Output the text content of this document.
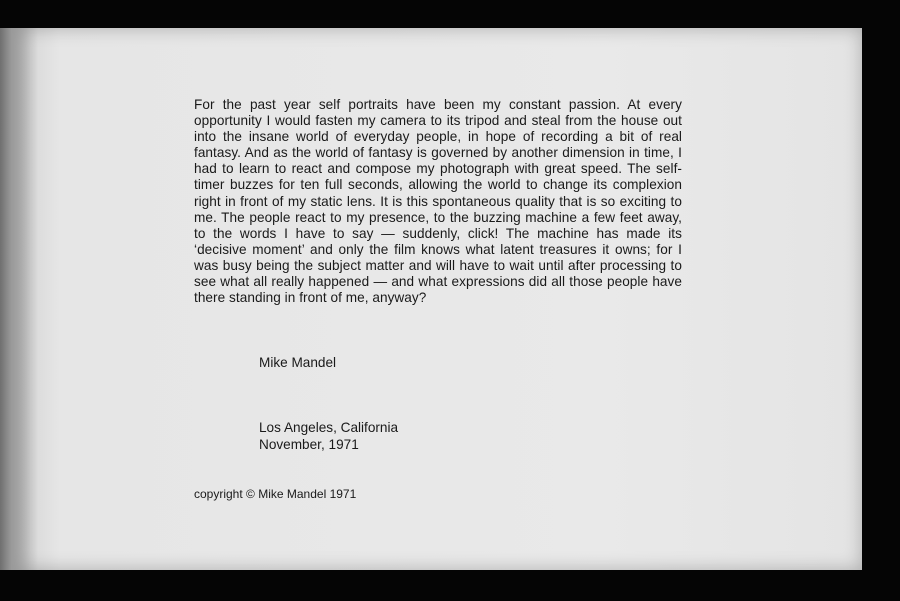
For the past year self portraits have been my constant passion. At every opportunity I would fasten my camera to its tripod and steal from the house out into the insane world of everyday people, in hope of recording a bit of real fantasy. And as the world of fantasy is governed by another dimension in time, I had to learn to react and compose my photograph with great speed. The self-timer buzzes for ten full seconds, allowing the world to change its complexion right in front of my static lens. It is this spontaneous quality that is so exciting to me. The people react to my presence, to the buzzing machine a few feet away, to the words I have to say — suddenly, click! The machine has made its ‘decisive moment’ and only the film knows what latent treasures it owns; for I was busy being the subject matter and will have to wait until after processing to see what all really happened — and what expressions did all those people have there standing in front of me, anyway?
Mike Mandel
Los Angeles, California
November, 1971
copyright © Mike Mandel 1971
